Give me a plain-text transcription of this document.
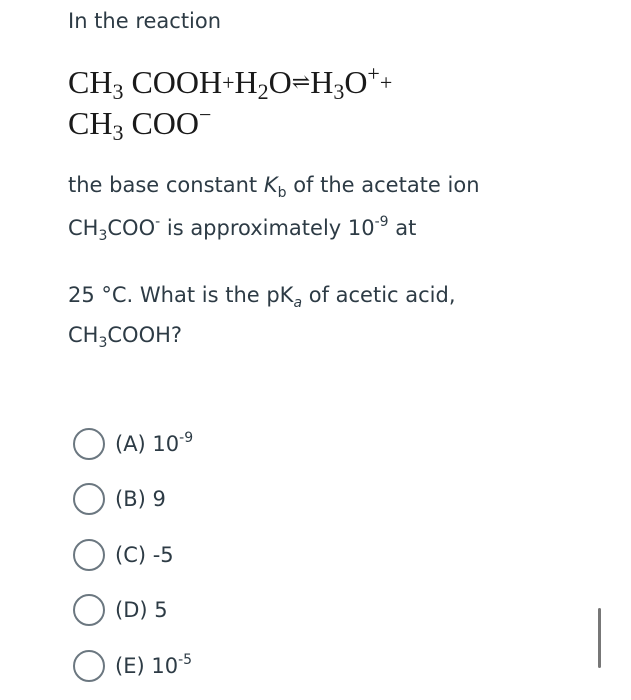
In the reaction
$CH_3$ $COOH+H_2O\rightleftharpoons H_3O^++$
$CH_3$ COO−
the base constant $K_b$ of the acetate ion
$CH_3COO^-$ is approximately $10^{-9}$ at
25 °C. What is the $pK_a$ of acetic acid,
$CH_3COOH$?
(A) $10^{-9}$
(B) 9
(C) -5
(D) 5
(E) $10^{-5}$
